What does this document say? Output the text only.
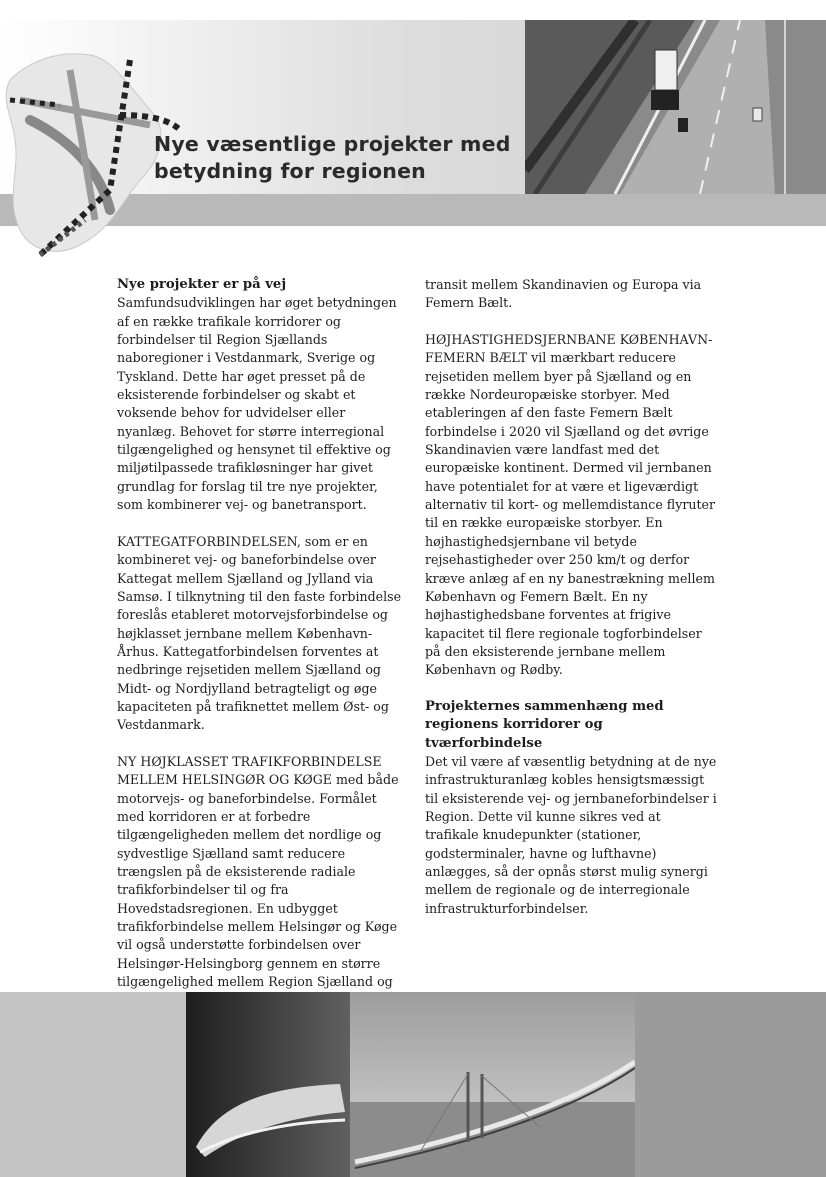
Nye væsentlige projekter med
betydning for regionen
Nye projekter er på vej

Samfundsudviklingen har øget betydningen af en række trafikale korridorer og forbindelser til Region Sjællands naboregioner i Vestdanmark, Sverige og Tyskland. Dette har øget presset på de eksisterende forbindelser og skabt et voksende behov for udvidelser eller nyanlæg. Behovet for større interregional tilgængelighed og hensynet til effektive og miljøtilpassede trafikløsninger har givet grundlag for forslag til tre nye projekter, som kombinerer vej- og banetransport.

KATTEGATFORBINDELSEN, som er en kombineret vej- og baneforbindelse over Kattegat mellem Sjælland og Jylland via Samsø. I tilknytning til den faste forbindelse foreslås etableret motorvejsforbindelse og højklasset jernbane mellem København-Århus. Kattegatforbindelsen forventes at nedbringe rejsetiden mellem Sjælland og Midt- og Nordjylland betragteligt og øge kapaciteten på trafiknettet mellem Øst- og Vestdanmark.

NY HØJKLASSET TRAFIKFORBINDELSE MELLEM HELSINGØR OG KØGE med både motorvejs- og baneforbindelse. Formålet med korridoren er at forbedre tilgængeligheden mellem det nordlige og sydvestlige Sjælland samt reducere trængslen på de eksisterende radiale trafikforbindelser til og fra Hovedstadsregionen. En udbygget trafikforbindelse mellem Helsingør og Køge vil også understøtte forbindelsen over Helsingør-Helsingborg gennem en større tilgængelighed mellem Region Sjælland og

transit mellem Skandinavien og Europa via Femern Bælt.

HØJHASTIGHEDSJERNBANE KØBENHAVN-FEMERN BÆLT vil mærkbart reducere rejsetiden mellem byer på Sjælland og en række Nordeuropæiske storbyer. Med etableringen af den faste Femern Bælt forbindelse i 2020 vil Sjælland og det øvrige Skandinavien være landfast med det europæiske kontinent. Dermed vil jernbanen have potentialet for at være et ligeværdigt alternativ til kort- og mellemdistance flyruter til en række europæiske storbyer. En højhastighedsjernbane vil betyde rejsehastigheder over 250 km/t og derfor kræve anlæg af en ny banestrækning mellem København og Femern Bælt. En ny højhastighedsbane forventes at frigive kapacitet til flere regionale togforbindelser på den eksisterende jernbane mellem København og Rødby.

Projekternes sammenhæng med regionens korridorer og tværforbindelse

Det vil være af væsentlig betydning at de nye infrastrukturanlæg kobles hensigtsmæssigt til eksisterende vej- og jernbaneforbindelser i Region. Dette vil kunne sikres ved at trafikale knudepunkter (stationer, godsterminaler, havne og lufthavne) anlægges, så der opnås størst mulig synergi mellem de regionale og de interregionale infrastrukturforbindelser.
